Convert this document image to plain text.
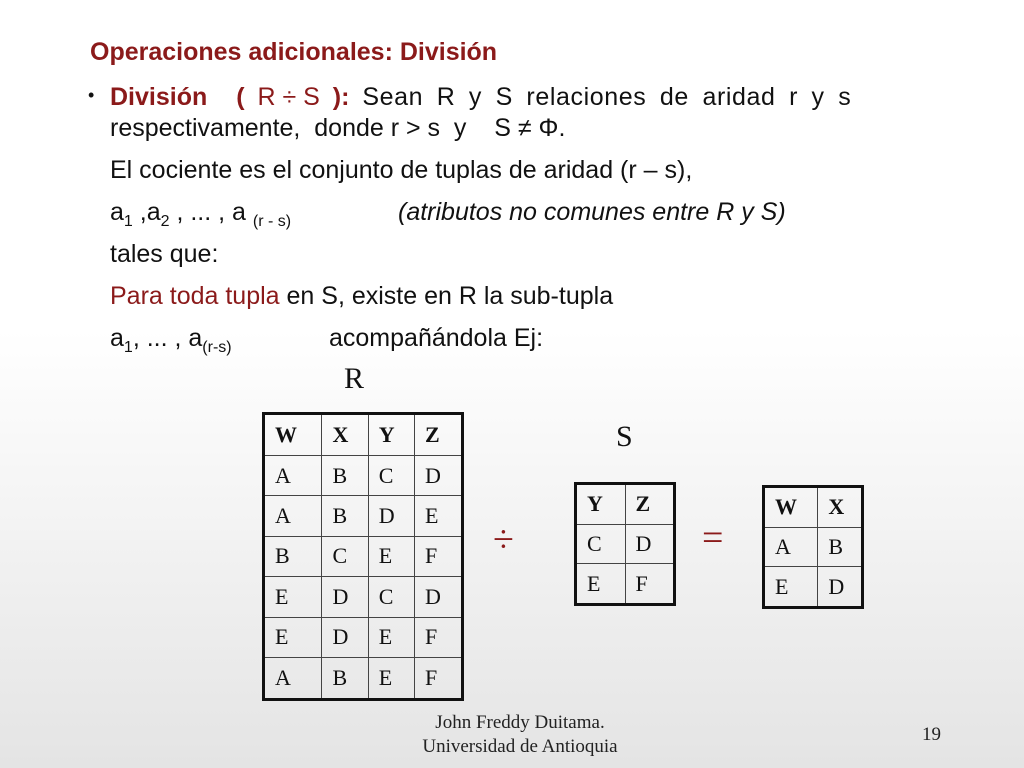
Operaciones adicionales: División
• División ( R ÷ S ): Sean R y S relaciones de aridad r y s
respectivamente,  donde r > s  y    S ≠ Φ.
El cociente es el conjunto de tuplas de aridad (r – s),
$a_1$ $,a_2$ , ... , a $_{(r - s)}$	(atributos no comunes entre R y S)
tales que:
Para toda tupla en S, existe en R la sub-tupla
$a_1$, ... , $a_{(r-s)}$	acompañándola Ej:
R
S
W	X	Y	Z
A	B	C	D
A	B	D	E
B	C	E	F
E	D	C	D
E	D	E	F
A	B	E	F
÷
Y	Z
C	D
E	F
=
W	X
A	B
E	D
John Freddy Duitama.
Universidad de Antioquia
19
